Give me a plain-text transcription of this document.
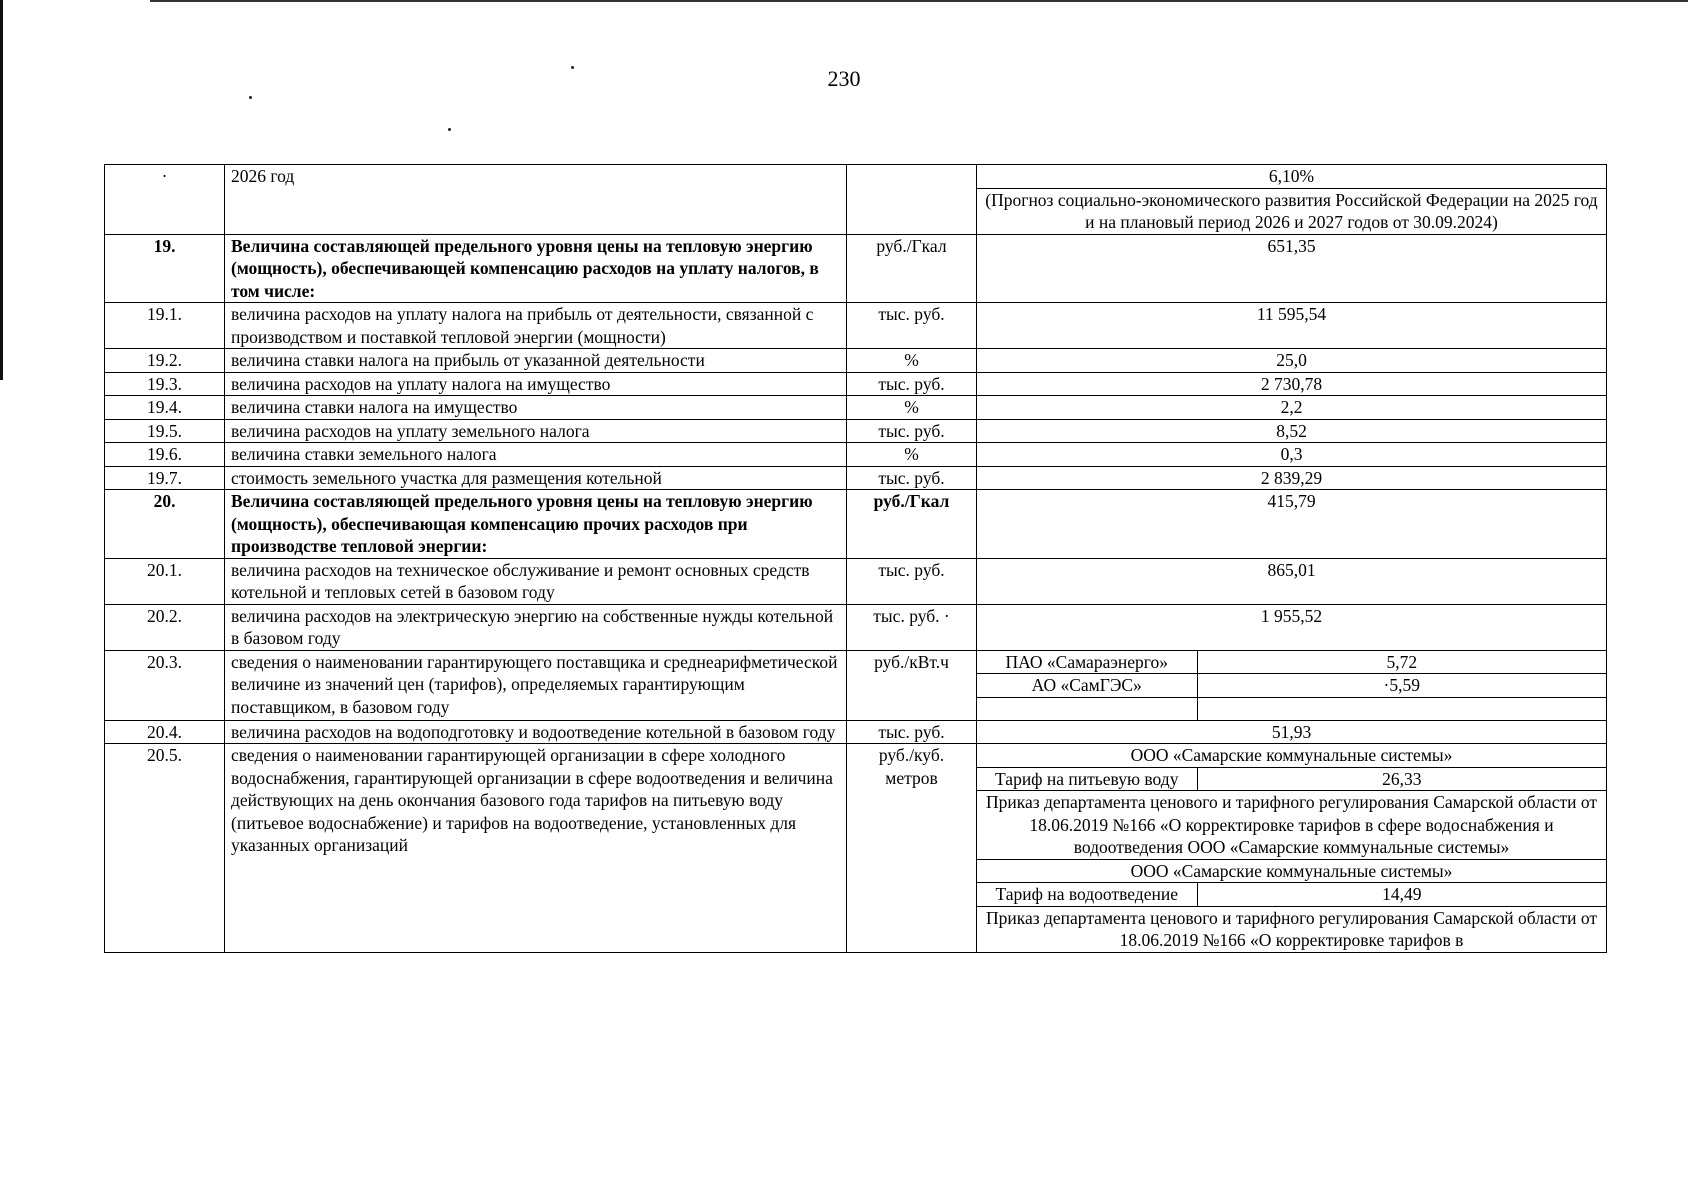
230
·	2026 год			6,10%
(Прогноз социально-экономического развития Российской Федерации на 2025 год и на плановый период 2026 и 2027 годов от 30.09.2024)

19.	Величина составляющей предельного уровня цены на тепловую энергию (мощность), обеспечивающей компенсацию расходов на уплату налогов, в том числе:	руб./Гкал	651,35
19.1.	величина расходов на уплату налога на прибыль от деятельности, связанной с производством и поставкой тепловой энергии (мощности)	тыс. руб.	11 595,54
19.2.	величина ставки налога на прибыль от указанной деятельности	%	25,0
19.3.	величина расходов на уплату налога на имущество	тыс. руб.	2 730,78
19.4.	величина ставки налога на имущество	%	2,2
19.5.	величина расходов на уплату земельного налога	тыс. руб.	8,52
19.6.	величина ставки земельного налога	%	0,3
19.7.	стоимость земельного участка для размещения котельной	тыс. руб.	2 839,29
20.	Величина составляющей предельного уровня цены на тепловую энергию (мощность), обеспечивающая компенсацию прочих расходов при производстве тепловой энергии:	руб./Гкал	415,79
20.1.	величина расходов на техническое обслуживание и ремонт основных средств котельной и тепловых сетей в базовом году	тыс. руб.	865,01
20.2.	величина расходов на электрическую энергию на собственные нужды котельной в базовом году	тыс. руб. ·	1 955,52
20.3.	сведения о наименовании гарантирующего поставщика и среднеарифметической величине из значений цен (тарифов), определяемых гарантирующим поставщиком, в базовом году	руб./кВт.ч		ПАО «Самараэнерго»	5,72
АО «СамГЭС»	·5,59

20.4.	величина расходов на водоподготовку и водоотведение котельной в базовом году	тыс. руб.	51,93
20.5.	сведения о наименовании гарантирующей организации в сфере холодного водоснабжения, гарантирующей организации в сфере водоотведения и величина действующих на день окончания базового года тарифов на питьевую воду (питьевое водоснабжение) и тарифов на водоотведение, установленных для указанных организаций	руб./куб. метров	
ООО «Самарские коммунальные системы»
Тариф на питьевую воду	26,33
Приказ департамента ценового и тарифного регулирования Самарской области от 18.06.2019 №166 «О корректировке тарифов в сфере водоснабжения и водоотведения ООО «Самарские коммунальные системы»
ООО «Самарские коммунальные системы»
Тариф на водоотведение	14,49
Приказ департамента ценового и тарифного регулирования Самарской области от 18.06.2019 №166 «О корректировке тарифов в
